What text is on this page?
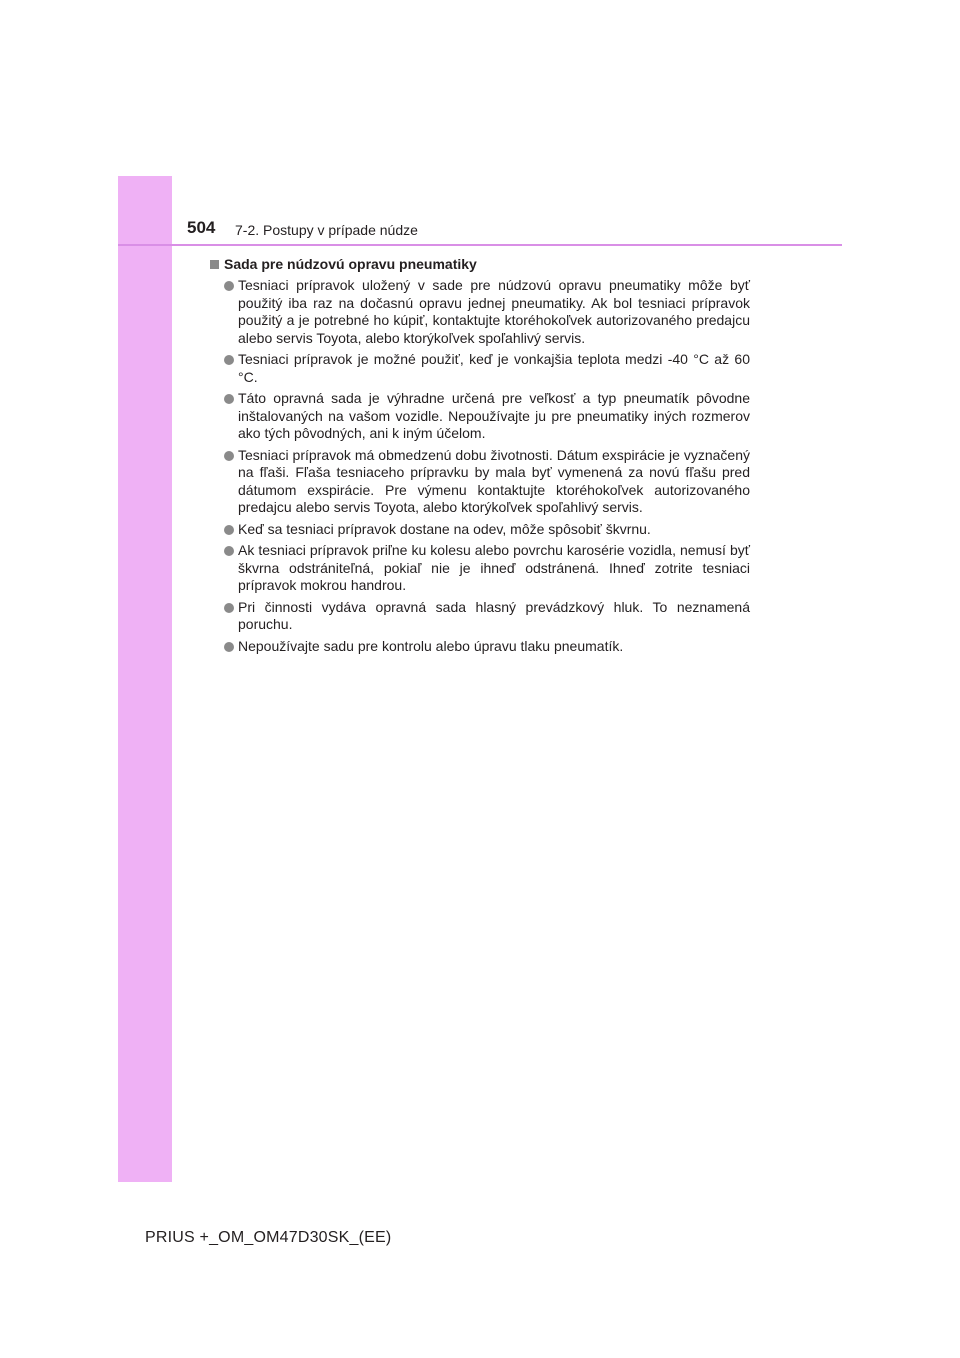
504 7-2. Postupy v prípade núdze
Sada pre núdzovú opravu pneumatiky
Tesniaci prípravok uložený v sade pre núdzovú opravu pneumatiky môže byť použitý iba raz na dočasnú opravu jednej pneumatiky. Ak bol tesniaci prípravok použitý a je potrebné ho kúpiť, kontaktujte ktoréhokoľvek autorizovaného predajcu alebo servis Toyota, alebo ktorýkoľvek spoľahlivý servis.
Tesniaci prípravok je možné použiť, keď je vonkajšia teplota medzi -40 °C až 60 °C.
Táto opravná sada je výhradne určená pre veľkosť a typ pneumatík pôvodne inštalovaných na vašom vozidle. Nepoužívajte ju pre pneumatiky iných rozmerov ako tých pôvodných, ani k iným účelom.
Tesniaci prípravok má obmedzenú dobu životnosti. Dátum exspirácie je vyznačený na fľaši. Fľaša tesniaceho prípravku by mala byť vymenená za novú fľašu pred dátumom exspirácie. Pre výmenu kontaktujte ktoréhokoľvek autorizovaného predajcu alebo servis Toyota, alebo ktorýkoľvek spoľahlivý servis.
Keď sa tesniaci prípravok dostane na odev, môže spôsobiť škvrnu.
Ak tesniaci prípravok priľne ku kolesu alebo povrchu karosérie vozidla, nemusí byť škvrna odstrániteľná, pokiaľ nie je ihneď odstránená. Ihneď zotrite tesniaci prípravok mokrou handrou.
Pri činnosti vydáva opravná sada hlasný prevádzkový hluk. To neznamená poruchu.
Nepoužívajte sadu pre kontrolu alebo úpravu tlaku pneumatík.
PRIUS +_OM_OM47D30SK_(EE)
